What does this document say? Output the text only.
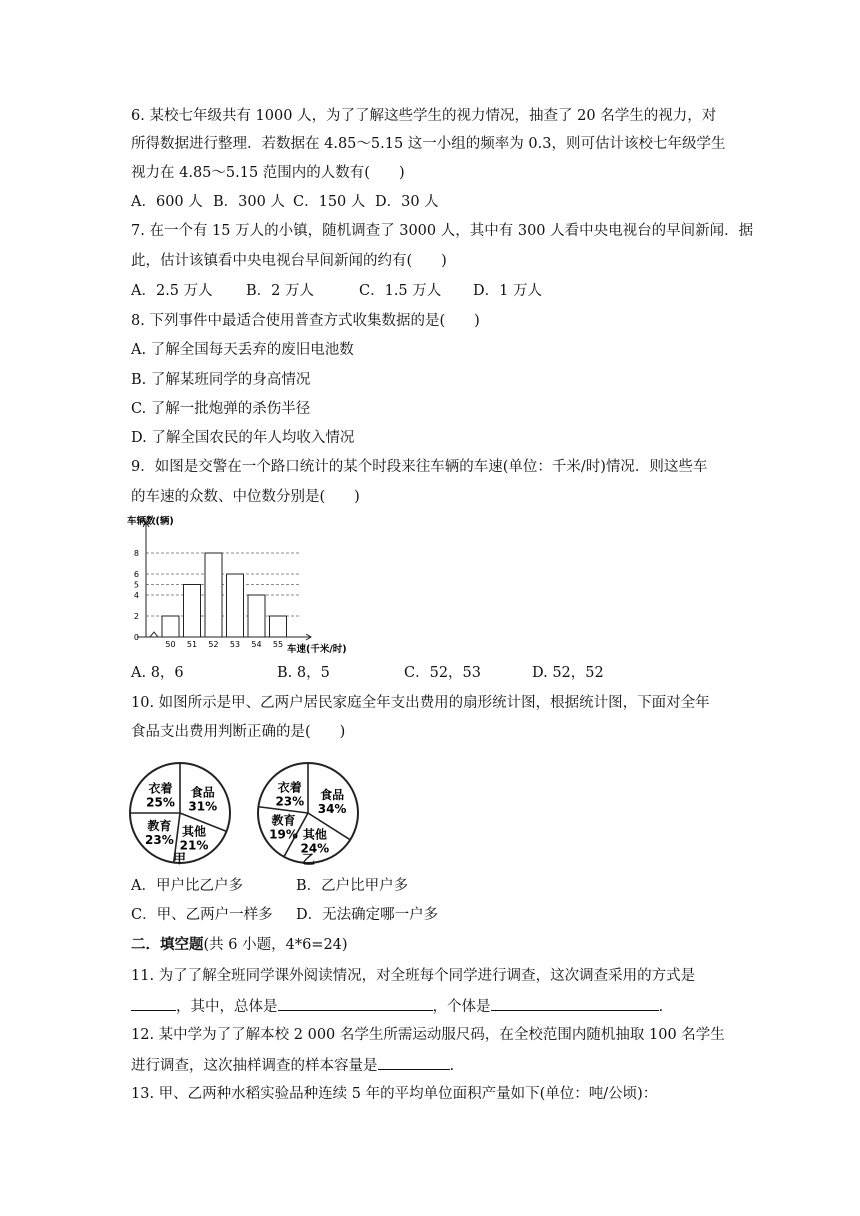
6. 某校七年级共有 1000 人，为了了解这些学生的视力情况，抽查了 20 名学生的视力，对
所得数据进行整理．若数据在 4.85～5.15 这一小组的频率为 0.3，则可估计该校七年级学生
视力在 4.85～5.15 范围内的人数有(　　)
A．600 人 B．300 人 C．150 人 D．30 人
7. 在一个有 15 万人的小镇，随机调查了 3000 人，其中有 300 人看中央电视台的早间新闻．据
此，估计该镇看中央电视台早间新闻的约有(　　)
A．2.5 万人 B．2 万人	C．1.5 万人 D．1 万人
8. 下列事件中最适合使用普查方式收集数据的是(　　)
A. 了解全国每天丢弃的废旧电池数
B. 了解某班同学的身高情况
C. 了解一批炮弹的杀伤半径
D. 了解全国农民的年人均收入情况
9．如图是交警在一个路口统计的某个时段来往车辆的车速(单位：千米/时)情况．则这些车
的车速的众数、中位数分别是(　　)
0
2
4
5
6
8
50 51 52 53 54 55
车辆数(辆)
车速(千米/时)
A. 8，6	B. 8，5	C．52，53	D. 52，52
10. 如图所示是甲、乙两户居民家庭全年支出费用的扇形统计图，根据统计图，下面对全年
食品支出费用判断正确的是(　　)
衣着
25%
食品
31%
其他
21%
教育
23%
衣着
23% 食品
34%
其他
24%
教育
19%
甲	乙
A．甲户比乙户多	B．乙户比甲户多
C．甲、乙两户一样多 D．无法确定哪一户多
二．填空题(共 6 小题，4*6=24)
11. 为了了解全班同学课外阅读情况，对全班每个同学进行调查，这次调查采用的方式是
，其中，总体是	，个体是	.
12. 某中学为了了解本校 2 000 名学生所需运动服尺码，在全校范围内随机抽取 100 名学生
进行调查，这次抽样调查的样本容量是	.
13. 甲、乙两种水稻实验品种连续 5 年的平均单位面积产量如下(单位：吨/公顷)：
